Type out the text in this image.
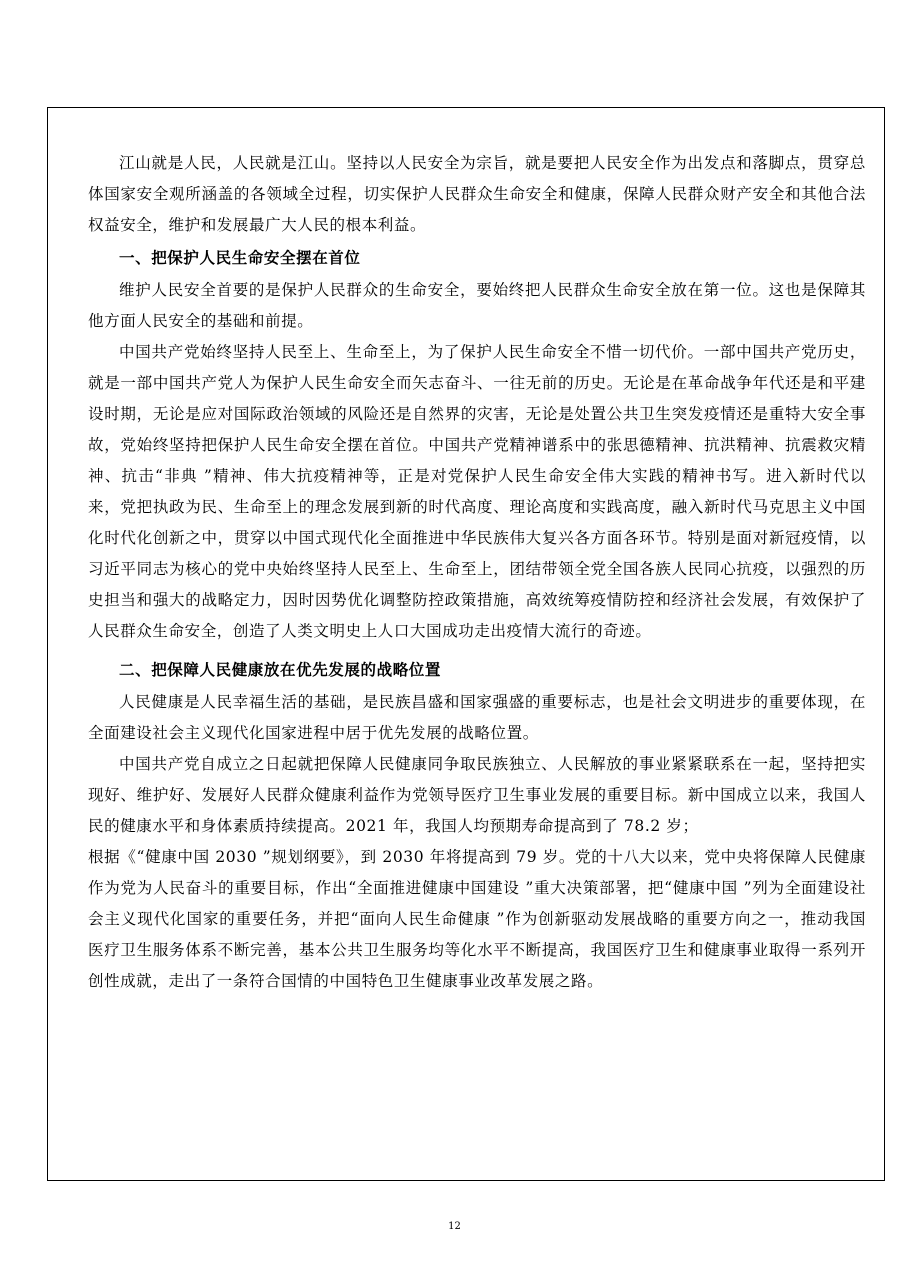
江山就是人民，人民就是江山。坚持以人民安全为宗旨，就是要把人民安全作为出发点和落脚点，贯穿总体国家安全观所涵盖的各领域全过程，切实保护人民群众生命安全和健康，保障人民群众财产安全和其他合法权益安全，维护和发展最广大人民的根本利益。

一、把保护人民生命安全摆在首位

维护人民安全首要的是保护人民群众的生命安全，要始终把人民群众生命安全放在第一位。这也是保障其他方面人民安全的基础和前提。

中国共产党始终坚持人民至上、生命至上，为了保护人民生命安全不惜一切代价。一部中国共产党历史，就是一部中国共产党人为保护人民生命安全而矢志奋斗、一往无前的历史。无论是在革命战争年代还是和平建设时期，无论是应对国际政治领域的风险还是自然界的灾害，无论是处置公共卫生突发疫情还是重特大安全事故，党始终坚持把保护人民生命安全摆在首位。中国共产党精神谱系中的张思德精神、抗洪精神、抗震救灾精神、抗击“非典 ”精神、伟大抗疫精神等，正是对党保护人民生命安全伟大实践的精神书写。进入新时代以来，党把执政为民、生命至上的理念发展到新的时代高度、理论高度和实践高度，融入新时代马克思主义中国化时代化创新之中，贯穿以中国式现代化全面推进中华民族伟大复兴各方面各环节。特别是面对新冠疫情，以习近平同志为核心的党中央始终坚持人民至上、生命至上，团结带领全党全国各族人民同心抗疫，以强烈的历史担当和强大的战略定力，因时因势优化调整防控政策措施，高效统筹疫情防控和经济社会发展，有效保护了人民群众生命安全，创造了人类文明史上人口大国成功走出疫情大流行的奇迹。

二、把保障人民健康放在优先发展的战略位置

人民健康是人民幸福生活的基础，是民族昌盛和国家强盛的重要标志，也是社会文明进步的重要体现，在全面建设社会主义现代化国家进程中居于优先发展的战略位置。

中国共产党自成立之日起就把保障人民健康同争取民族独立、人民解放的事业紧紧联系在一起，坚持把实现好、维护好、发展好人民群众健康利益作为党领导医疗卫生事业发展的重要目标。新中国成立以来，我国人民的健康水平和身体素质持续提高。2021 年，我国人均预期寿命提高到了 78.2 岁；

根据《“健康中国 2030 ”规划纲要》，到 2030 年将提高到 79 岁。党的十八大以来，党中央将保障人民健康作为党为人民奋斗的重要目标，作出“全面推进健康中国建设 ”重大决策部署，把“健康中国 ”列为全面建设社会主义现代化国家的重要任务，并把“面向人民生命健康 ”作为创新驱动发展战略的重要方向之一，推动我国医疗卫生服务体系不断完善，基本公共卫生服务均等化水平不断提高，我国医疗卫生和健康事业取得一系列开创性成就，走出了一条符合国情的中国特色卫生健康事业改革发展之路。

12
